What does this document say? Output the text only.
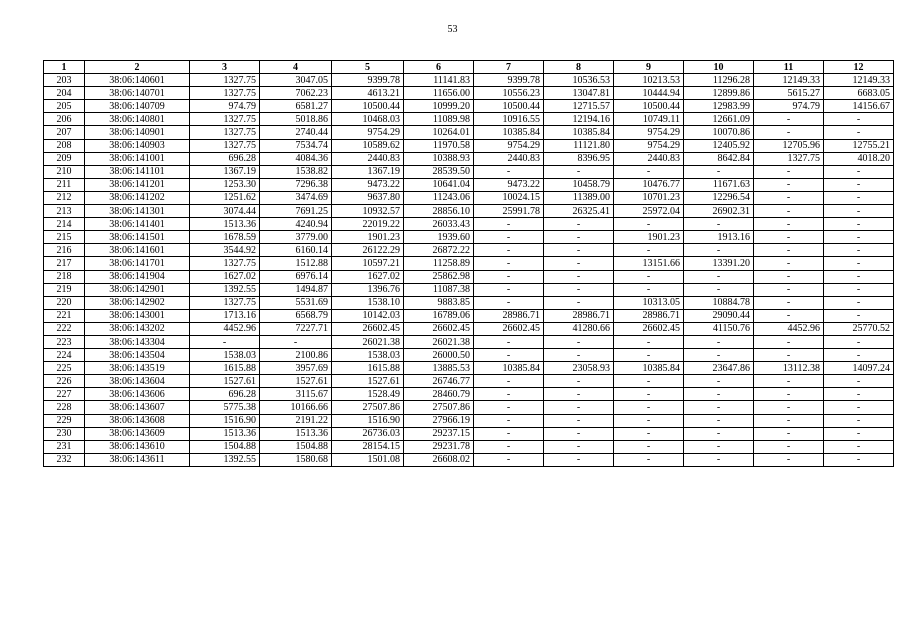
53
1	2	3	4	5	6	7	8	9	10	11	12
203	38:06:140601	1327.75	3047.05	9399.78	11141.83	9399.78	10536.53	10213.53	11296.28	12149.33	12149.33
204	38:06:140701	1327.75	7062.23	4613.21	11656.00	10556.23	13047.81	10444.94	12899.86	5615.27	6683.05
205	38:06:140709	974.79	6581.27	10500.44	10999.20	10500.44	12715.57	10500.44	12983.99	974.79	14156.67
206	38:06:140801	1327.75	5018.86	10468.03	11089.98	10916.55	12194.16	10749.11	12661.09	-	-
207	38:06:140901	1327.75	2740.44	9754.29	10264.01	10385.84	10385.84	9754.29	10070.86	-	-
208	38:06:140903	1327.75	7534.74	10589.62	11970.58	9754.29	11121.80	9754.29	12405.92	12705.96	12755.21
209	38:06:141001	696.28	4084.36	2440.83	10388.93	2440.83	8396.95	2440.83	8642.84	1327.75	4018.20
210	38:06:141101	1367.19	1538.82	1367.19	28539.50	-	-	-	-	-	-
211	38:06:141201	1253.30	7296.38	9473.22	10641.04	9473.22	10458.79	10476.77	11671.63	-	-
212	38:06:141202	1251.62	3474.69	9637.80	11243.06	10024.15	11389.00	10701.23	12296.54	-	-
213	38:06:141301	3074.44	7691.25	10932.57	28856.10	25991.78	26325.41	25972.04	26902.31	-	-
214	38:06:141401	1513.36	4240.94	22019.22	26033.43	-	-	-	-	-	-
215	38:06:141501	1678.59	3779.00	1901.23	1939.60	-	-	1901.23	1913.16	-	-
216	38:06:141601	3544.92	6160.14	26122.29	26872.22	-	-	-	-	-	-
217	38:06:141701	1327.75	1512.88	10597.21	11258.89	-	-	13151.66	13391.20	-	-
218	38:06:141904	1627.02	6976.14	1627.02	25862.98	-	-	-	-	-	-
219	38:06:142901	1392.55	1494.87	1396.76	11087.38	-	-	-	-	-	-
220	38:06:142902	1327.75	5531.69	1538.10	9883.85	-	-	10313.05	10884.78	-	-
221	38:06:143001	1713.16	6568.79	10142.03	16789.06	28986.71	28986.71	28986.71	29090.44	-	-
222	38:06:143202	4452.96	7227.71	26602.45	26602.45	26602.45	41280.66	26602.45	41150.76	4452.96	25770.52
223	38:06:143304	-	-	26021.38	26021.38	-	-	-	-	-	-
224	38:06:143504	1538.03	2100.86	1538.03	26000.50	-	-	-	-	-	-
225	38:06:143519	1615.88	3957.69	1615.88	13885.53	10385.84	23058.93	10385.84	23647.86	13112.38	14097.24
226	38:06:143604	1527.61	1527.61	1527.61	26746.77	-	-	-	-	-	-
227	38:06:143606	696.28	3115.67	1528.49	28460.79	-	-	-	-	-	-
228	38:06:143607	5775.38	10166.66	27507.86	27507.86	-	-	-	-	-	-
229	38:06:143608	1516.90	2191.22	1516.90	27966.19	-	-	-	-	-	-
230	38:06:143609	1513.36	1513.36	26736.03	29237.15	-	-	-	-	-	-
231	38:06:143610	1504.88	1504.88	28154.15	29231.78	-	-	-	-	-	-
232	38:06:143611	1392.55	1580.68	1501.08	26608.02	-	-	-	-	-	-
